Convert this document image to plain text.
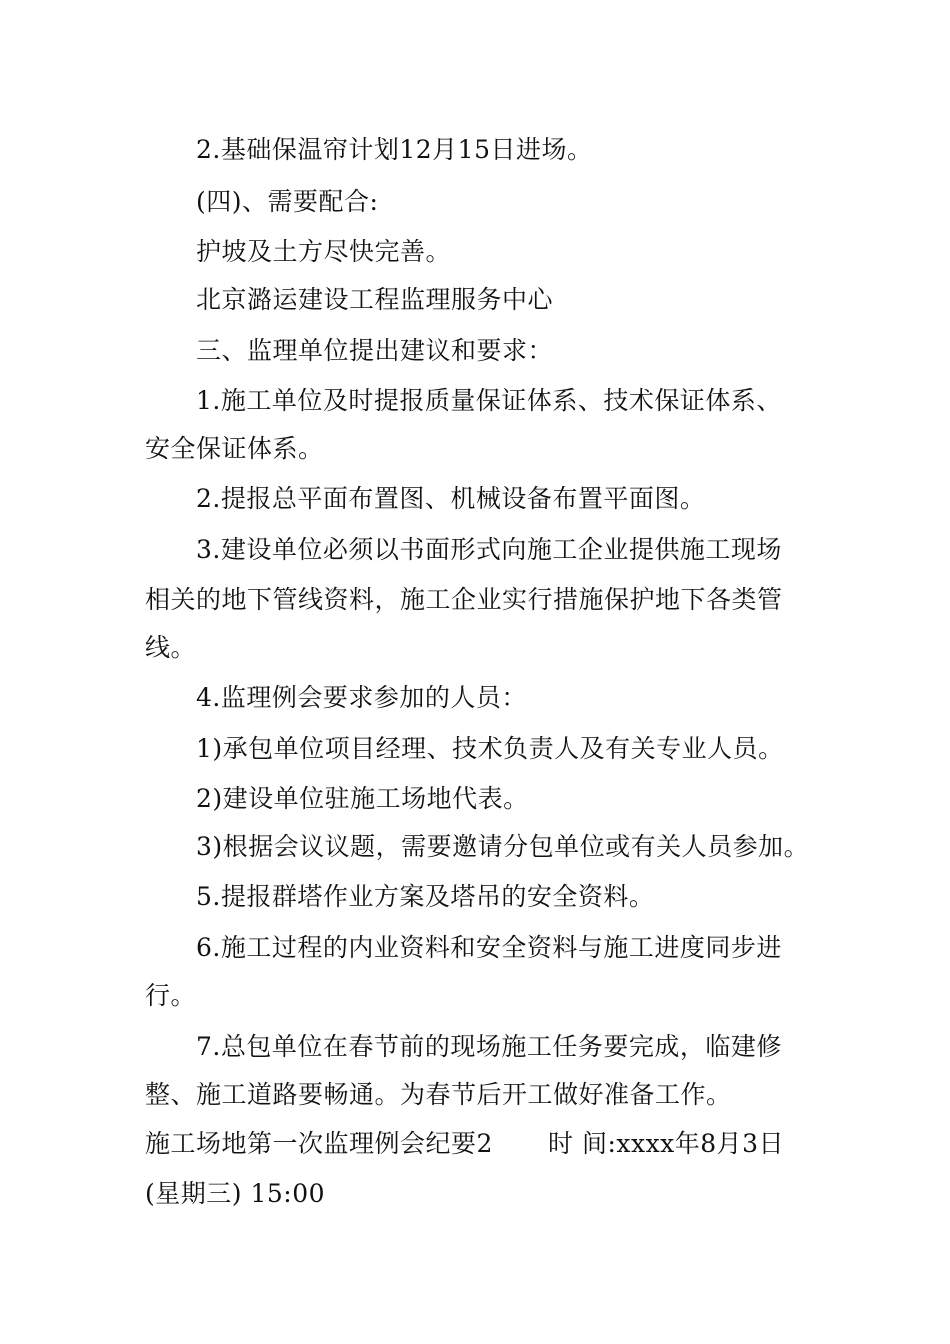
2.基础保温帘计划12月15日进场。
(四)、需要配合:
护坡及土方尽快完善。
北京潞运建设工程监理服务中心
三、监理单位提出建议和要求：
1.施工单位及时提报质量保证体系、技术保证体系、
安全保证体系。
2.提报总平面布置图、机械设备布置平面图。
3.建设单位必须以书面形式向施工企业提供施工现场
相关的地下管线资料，施工企业实行措施保护地下各类管
线。
4.监理例会要求参加的人员：
1)承包单位项目经理、技术负责人及有关专业人员。
2)建设单位驻施工场地代表。
3)根据会议议题，需要邀请分包单位或有关人员参加。
5.提报群塔作业方案及塔吊的安全资料。
6.施工过程的内业资料和安全资料与施工进度同步进
行。
7.总包单位在春节前的现场施工任务要完成，临建修
整、施工道路要畅通。为春节后开工做好准备工作。
施工场地第一次监理例会纪要2	时 间:xxxx年8月3日
(星期三) 15:00
